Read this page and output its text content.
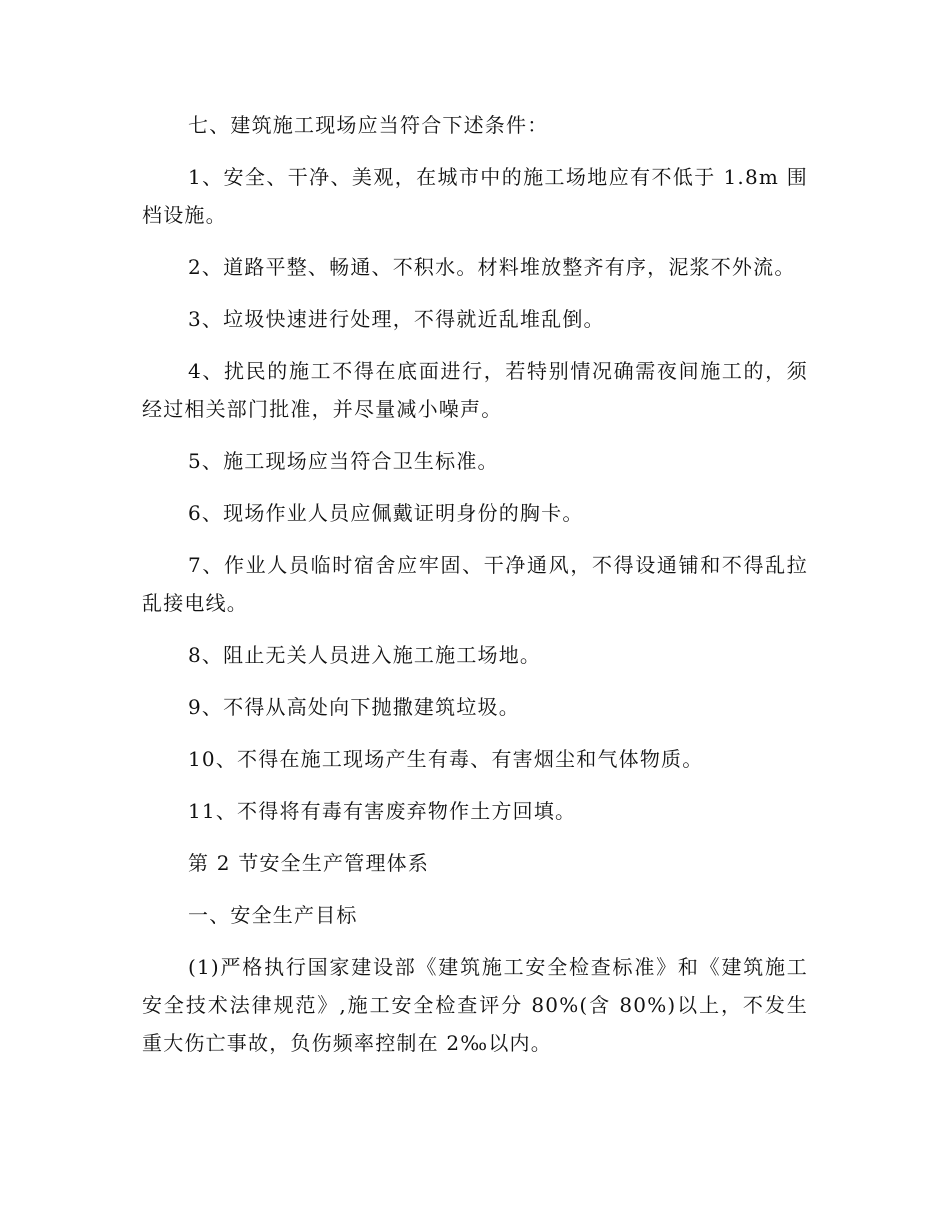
七、建筑施工现场应当符合下述条件：

1、安全、干净、美观，在城市中的施工场地应有不低于 1.8m 围档设施。

2、道路平整、畅通、不积水。材料堆放整齐有序，泥浆不外流。

3、垃圾快速进行处理，不得就近乱堆乱倒。

4、扰民的施工不得在底面进行，若特别情况确需夜间施工的，须经过相关部门批准，并尽量减小噪声。

5、施工现场应当符合卫生标准。

6、现场作业人员应佩戴证明身份的胸卡。

7、作业人员临时宿舍应牢固、干净通风，不得设通铺和不得乱拉乱接电线。

8、阻止无关人员进入施工施工场地。

9、不得从高处向下抛撒建筑垃圾。

10、不得在施工现场产生有毒、有害烟尘和气体物质。

11、不得将有毒有害废弃物作土方回填。

第 2 节安全生产管理体系

一、安全生产目标

(1)严格执行国家建设部《建筑施工安全检查标准》和《建筑施工安全技术法律规范》,施工安全检查评分 80%(含 80%)以上，不发生重大伤亡事故，负伤频率控制在 2‰以内。
